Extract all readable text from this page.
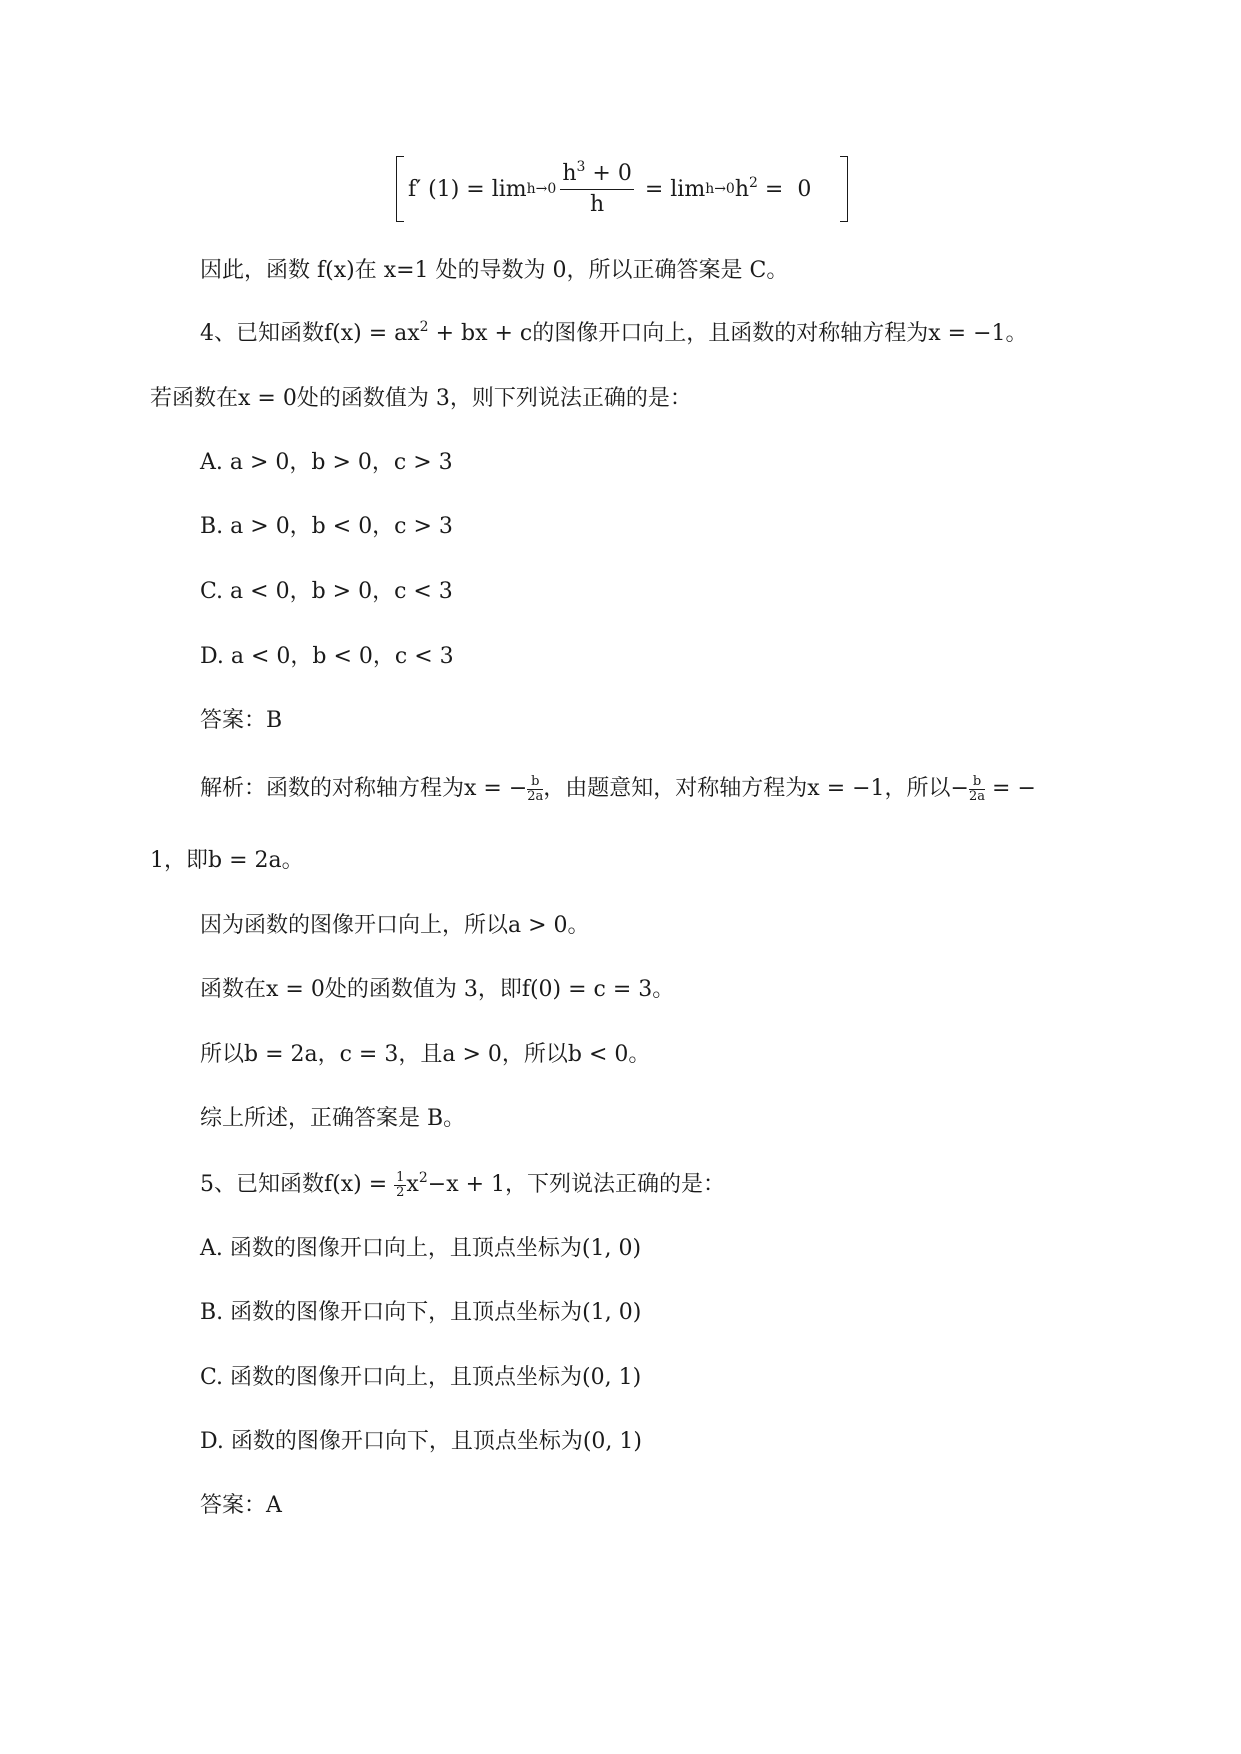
f′ $(1) = \lim h\to 0 \frac{h^3 + 0}{h} = \lim h\to 0$ $h^2 = 0$
因此，函数 f(x)在 x=1 处的导数为 0，所以正确答案是 C。
4、已知函数$f(x) = ax^2$ + bx + c的图像开口向上，且函数的对称轴方程为x = −1。
若函数在x = 0处的函数值为 3，则下列说法正确的是：
A. a > 0，b > 0，c > 3
B. a > 0，b < 0，c > 3
C. a < 0，b > 0，c < 3
D. a < 0，b < 0，c < 3
答案：B
解析：函数的对称轴方程为x = − $\frac{b}{2a}$ ，由题意知，对称轴方程为x = −1，所以− $\frac{b}{2a}$ = −
1，即b = 2a。
因为函数的图像开口向上，所以a > 0。
函数在x = 0处的函数值为 3，即f(0) = c = 3。
所以b = 2a，c = 3，且a > 0，所以b < 0。
综上所述，正确答案是 B。
5、已知函数$f(x) = \frac{1}{2} x^2-x + 1$，下列说法正确的是：
A. 函数的图像开口向上，且顶点坐标为(1, 0)
B. 函数的图像开口向下，且顶点坐标为(1, 0)
C. 函数的图像开口向上，且顶点坐标为(0, 1)
D. 函数的图像开口向下，且顶点坐标为(0, 1)
答案：A
